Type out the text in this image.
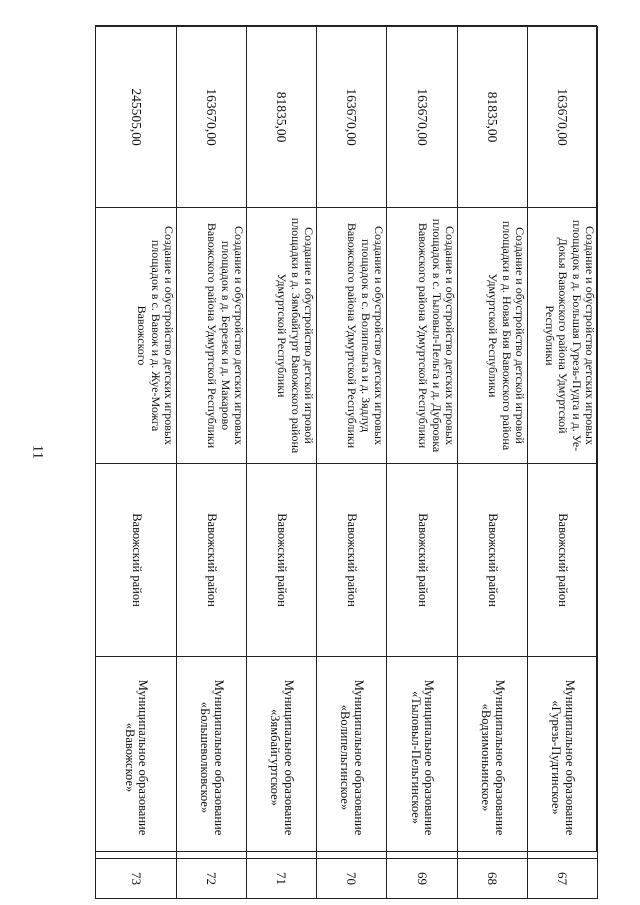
11
163670,00	Создание и обустройство детских игровых площадок в д. Большая Гурезь-Пудга и д. Уе-Докья Вавожского района Удмуртской Республики	Вавожский район	Муниципальное образование «Гурезь-Пудгинское»	67
81835,00	Создание и обустройство детской игровой площадки в д. Новая Бия Вавожского района Удмуртской Республики	Вавожский район	Муниципальное образование «Водзимоньинское»	68
163670,00	Создание и обустройство детских игровых площадок в с. Тыловыл-Пельга и д. Дубровка Вавожского района Удмуртской Республики	Вавожский район	Муниципальное образование «Тыловыл-Пельгинское»	69
163670,00	Создание и обустройство детских игровых площадок в с. Волипельга и д. Зядлуд Вавожского района Удмуртской Республики	Вавожский район	Муниципальное образование «Волипельгинское»	70
81835,00	Создание и обустройство детской игровой площадки в д. Зямбайгурт Вавожского района Удмуртской Республики	Вавожский район	Муниципальное образование «Зямбайгуртское»	71
163670,00	Создание и обустройство детских игровых площадок в д. Березек и д. Макарово Вавожского района Удмуртской Республики	Вавожский район	Муниципальное образование «Большеволковское»	72
245505,00	Создание и обустройство детских игровых площадок в с. Вавож и д. Жуе-Можга Вавожского	Вавожский район	Муниципальное образование «Вавожское»	73
